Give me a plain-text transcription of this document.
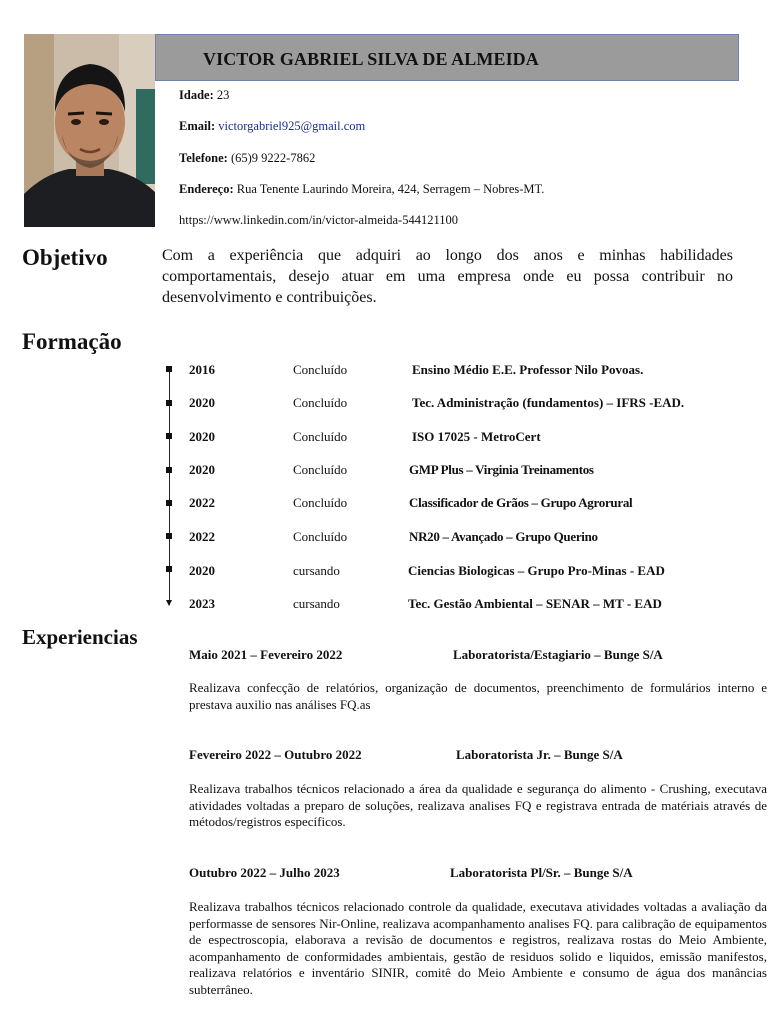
VICTOR GABRIEL SILVA DE ALMEIDA
Idade: 23
Email: victorgabriel925@gmail.com
Telefone: (65)9 9222-7862
Endereço: Rua Tenente Laurindo Moreira, 424, Serragem – Nobres-MT.
https://www.linkedin.com/in/victor-almeida-544121100
Objetivo	Com a experiência que adquiri ao longo dos anos e minhas habilidades comportamentais, desejo atuar em uma empresa onde eu possa contribuir no desenvolvimento e contribuições.
Formação
2016	Concluído	Ensino Médio E.E. Professor Nilo Povoas.
2020	Concluído	Tec. Administração (fundamentos) – IFRS -EAD.
2020	Concluído	ISO 17025 - MetroCert
2020	Concluído	GMP Plus – Virginia Treinamentos
2022	Concluído	Classificador de Grãos – Grupo Agrorural
2022	Concluído	NR20 – Avançado – Grupo Querino
2020	cursando	Ciencias Biologicas – Grupo Pro-Minas - EAD
2023	cursando	Tec. Gestão Ambiental – SENAR – MT - EAD
Experiencias
Maio 2021 – Fevereiro 2022	Laboratorista/Estagiario – Bunge S/A
Realizava confecção de relatórios, organização de documentos, preenchimento de formulários interno e prestava auxilio nas análises FQ.as
Fevereiro 2022 – Outubro 2022	Laboratorista Jr. – Bunge S/A
Realizava trabalhos técnicos relacionado a área da qualidade e segurança do alimento - Crushing, executava atividades voltadas a preparo de soluções, realizava analises FQ e registrava entrada de matériais através de métodos/registros específicos.
Outubro 2022 – Julho 2023	Laboratorista Pl/Sr. – Bunge S/A
Realizava trabalhos técnicos relacionado controle da qualidade, executava atividades voltadas a avaliação da performasse de sensores Nir-Online, realizava acompanhamento analises FQ. para calibração de equipamentos de espectroscopia, elaborava a revisão de documentos e registros, realizava rostas do Meio Ambiente, acompanhamento de conformidades ambientais, gestão de residuos solido e liquidos, emissão manifestos, realizava relatórios e inventário SINIR, comitê do Meio Ambiente e consumo de água dos manâncias subterrâneo.
